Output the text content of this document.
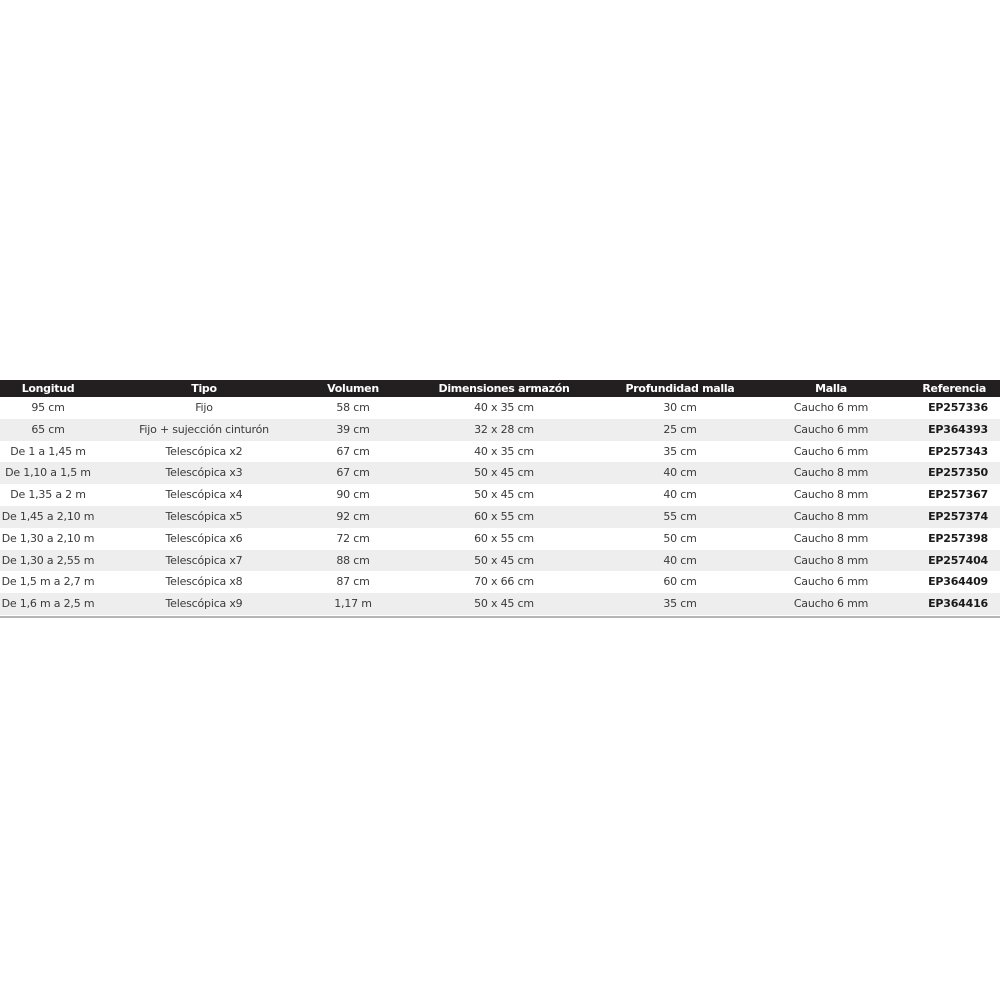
Longitud	Tipo	Volumen	Dimensiones armazón	Profundidad malla	Malla	Referencia
95 cm	Fijo	58 cm	40 x 35 cm	30 cm	Caucho 6 mm	EP257336
65 cm	Fijo + sujección cinturón	39 cm	32 x 28 cm	25 cm	Caucho 6 mm	EP364393
De 1 a 1,45 m	Telescópica x2	67 cm	40 x 35 cm	35 cm	Caucho 6 mm	EP257343
De 1,10 a 1,5 m	Telescópica x3	67 cm	50 x 45 cm	40 cm	Caucho 8 mm	EP257350
De 1,35 a 2 m	Telescópica x4	90 cm	50 x 45 cm	40 cm	Caucho 8 mm	EP257367
De 1,45 a 2,10 m	Telescópica x5	92 cm	60 x 55 cm	55 cm	Caucho 8 mm	EP257374
De 1,30 a 2,10 m	Telescópica x6	72 cm	60 x 55 cm	50 cm	Caucho 8 mm	EP257398
De 1,30 a 2,55 m	Telescópica x7	88 cm	50 x 45 cm	40 cm	Caucho 8 mm	EP257404
De 1,5 m a 2,7 m	Telescópica x8	87 cm	70 x 66 cm	60 cm	Caucho 6 mm	EP364409
De 1,6 m a 2,5 m	Telescópica x9	1,17 m	50 x 45 cm	35 cm	Caucho 6 mm	EP364416
